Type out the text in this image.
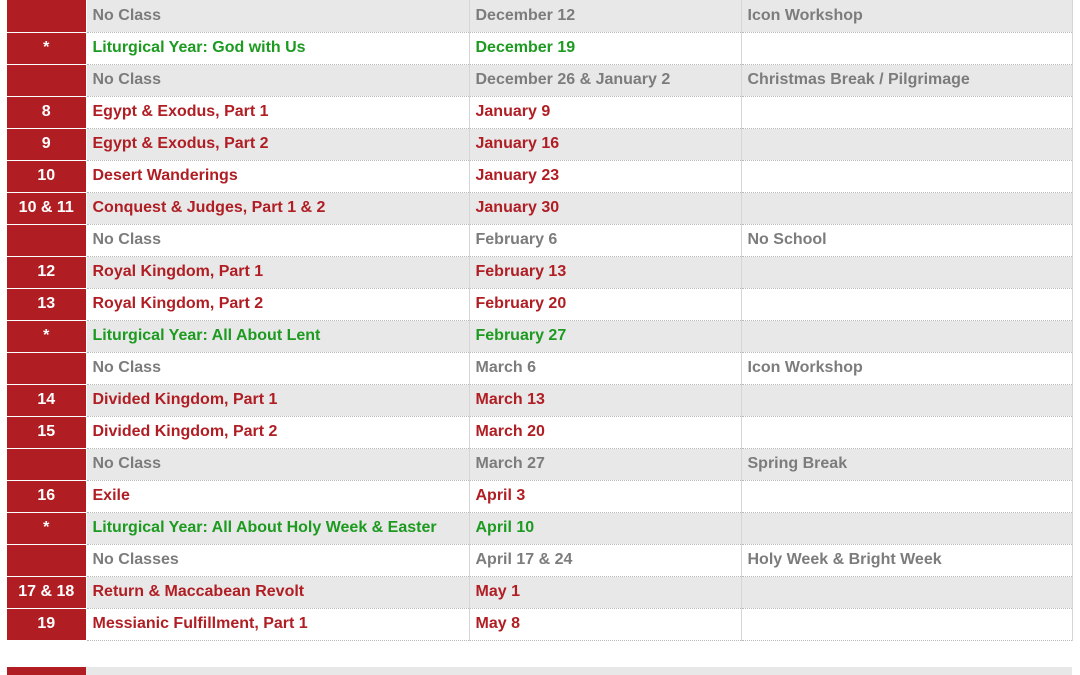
	No Class	December 12	Icon Workshop
*	Liturgical Year: God with Us	December 19	
	No Class	December 26 & January 2	Christmas Break / Pilgrimage
8	Egypt & Exodus, Part 1	January 9	
9	Egypt & Exodus, Part 2	January 16	
10	Desert Wanderings	January 23	
10 & 11	Conquest & Judges, Part 1 & 2	January 30	
	No Class	February 6	No School
12	Royal Kingdom, Part 1	February 13	
13	Royal Kingdom, Part 2	February 20	
*	Liturgical Year: All About Lent	February 27	
	No Class	March 6	Icon Workshop
14	Divided Kingdom, Part 1	March 13	
15	Divided Kingdom, Part 2	March 20	
	No Class	March 27	Spring Break
16	Exile	April 3	
*	Liturgical Year: All About Holy Week & Easter	April 10	
	No Classes	April 17 & 24	Holy Week & Bright Week
17 & 18	Return & Maccabean Revolt	May 1	
19	Messianic Fulfillment, Part 1	May 8	
